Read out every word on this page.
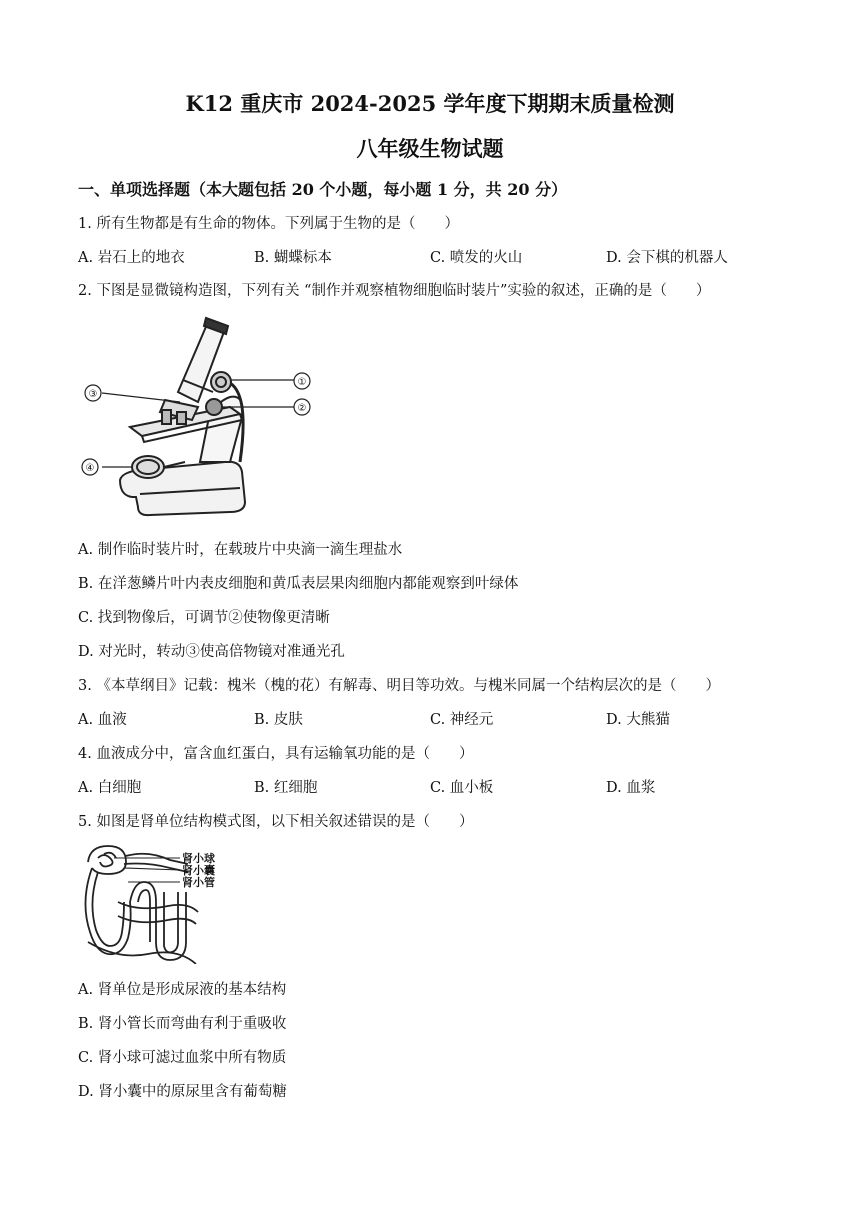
K12 重庆市 2024-2025 学年度下期期末质量检测
八年级生物试题
一、单项选择题（本大题包括 20 个小题，每小题 1 分，共 20 分）
1. 所有生物都是有生命的物体。下列属于生物的是（　　）
A. 岩石上的地衣	B. 蝴蝶标本	C. 喷发的火山	D. 会下棋的机器人
2. 下图是显微镜构造图，下列有关 “制作并观察植物细胞临时装片”实验的叙述，正确的是（　　）
①
②
③
④
A. 制作临时装片时，在载玻片中央滴一滴生理盐水
B. 在洋葱鳞片叶内表皮细胞和黄瓜表层果肉细胞内都能观察到叶绿体
C. 找到物像后，可调节②使物像更清晰
D. 对光时，转动③使高倍物镜对准通光孔
3. 《本草纲目》记载：槐米（槐的花）有解毒、明目等功效。与槐米同属一个结构层次的是（　　）
A. 血液	B. 皮肤	C. 神经元	D. 大熊猫
4. 血液成分中，富含血红蛋白，具有运输氧功能的是（　　）
A. 白细胞	B. 红细胞	C. 血小板	D. 血浆
5. 如图是肾单位结构模式图，以下相关叙述错误的是（　　）
肾小球
肾小囊
肾小管
A. 肾单位是形成尿液的基本结构
B. 肾小管长而弯曲有利于重吸收
C. 肾小球可滤过血浆中所有物质
D. 肾小囊中的原尿里含有葡萄糖
